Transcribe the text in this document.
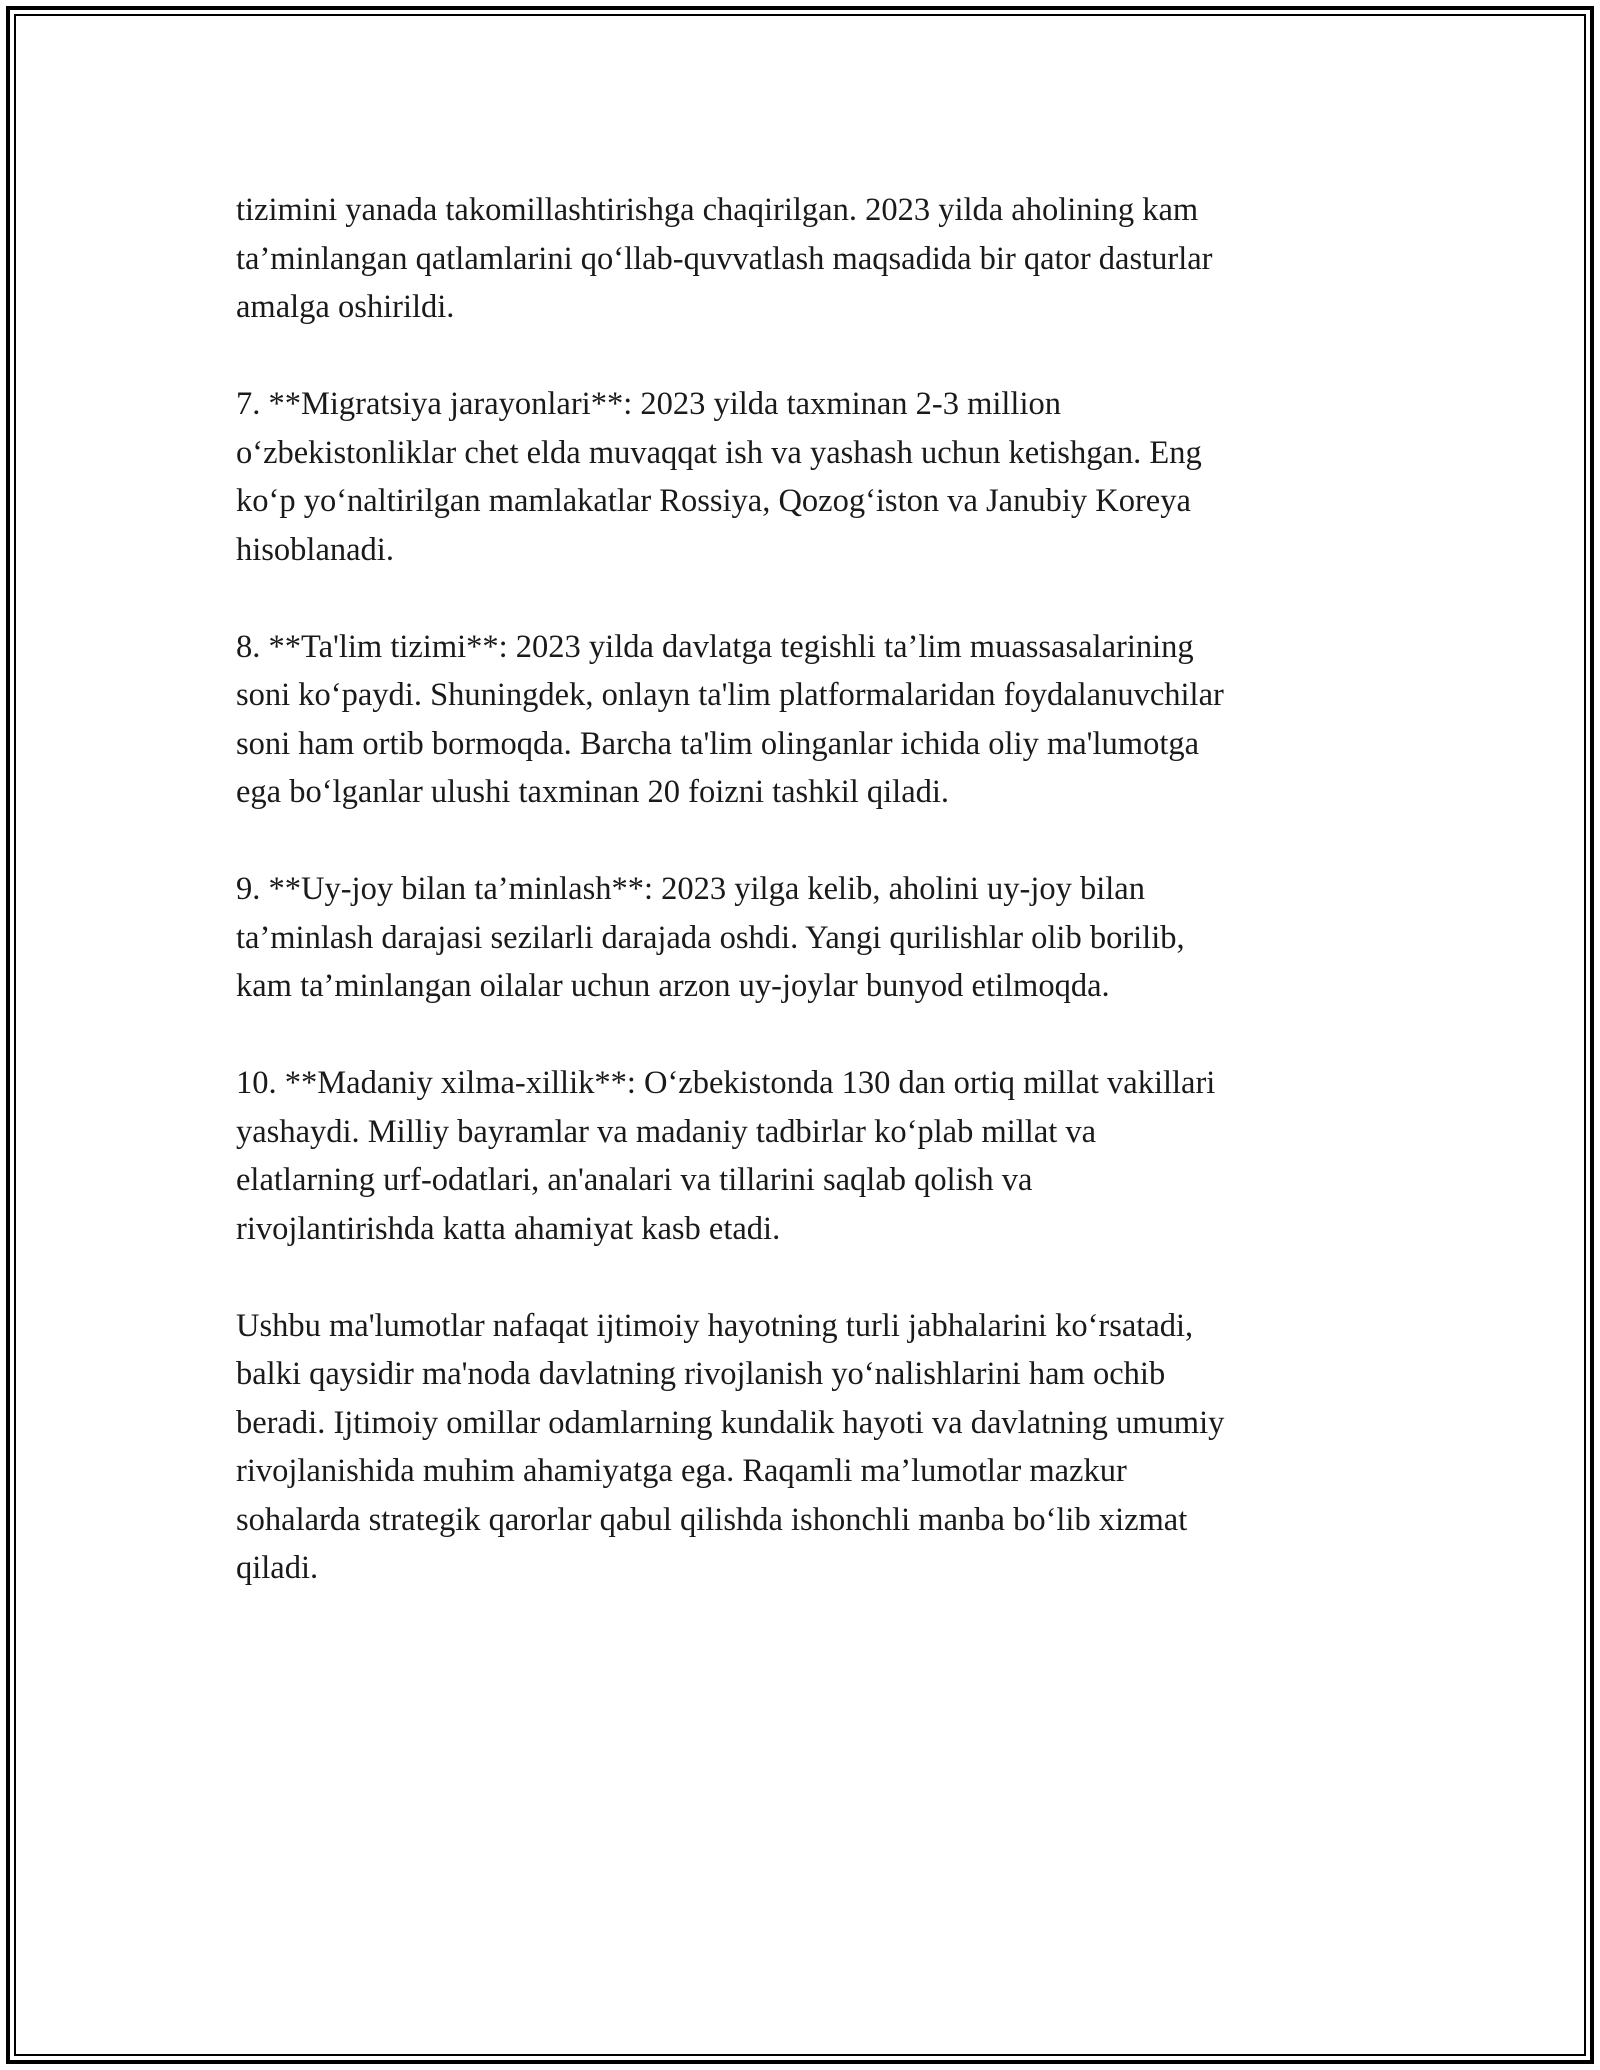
tizimini yanada takomillashtirishga chaqirilgan. 2023 yilda aholining kam
ta’minlangan qatlamlarini qo‘llab-quvvatlash maqsadida bir qator dasturlar
amalga oshirildi.

7. **Migratsiya jarayonlari**: 2023 yilda taxminan 2-3 million
o‘zbekistonliklar chet elda muvaqqat ish va yashash uchun ketishgan. Eng
ko‘p yo‘naltirilgan mamlakatlar Rossiya, Qozog‘iston va Janubiy Koreya
hisoblanadi.

8. **Ta'lim tizimi**: 2023 yilda davlatga tegishli ta’lim muassasalarining
soni ko‘paydi. Shuningdek, onlayn ta'lim platformalaridan foydalanuvchilar
soni ham ortib bormoqda. Barcha ta'lim olinganlar ichida oliy ma'lumotga
ega bo‘lganlar ulushi taxminan 20 foizni tashkil qiladi.

9. **Uy-joy bilan ta’minlash**: 2023 yilga kelib, aholini uy-joy bilan
ta’minlash darajasi sezilarli darajada oshdi. Yangi qurilishlar olib borilib,
kam ta’minlangan oilalar uchun arzon uy-joylar bunyod etilmoqda.

10. **Madaniy xilma-xillik**: O‘zbekistonda 130 dan ortiq millat vakillari
yashaydi. Milliy bayramlar va madaniy tadbirlar ko‘plab millat va
elatlarning urf-odatlari, an'analari va tillarini saqlab qolish va
rivojlantirishda katta ahamiyat kasb etadi.

Ushbu ma'lumotlar nafaqat ijtimoiy hayotning turli jabhalarini ko‘rsatadi,
balki qaysidir ma'noda davlatning rivojlanish yo‘nalishlarini ham ochib
beradi. Ijtimoiy omillar odamlarning kundalik hayoti va davlatning umumiy
rivojlanishida muhim ahamiyatga ega. Raqamli ma’lumotlar mazkur
sohalarda strategik qarorlar qabul qilishda ishonchli manba bo‘lib xizmat
qiladi.
